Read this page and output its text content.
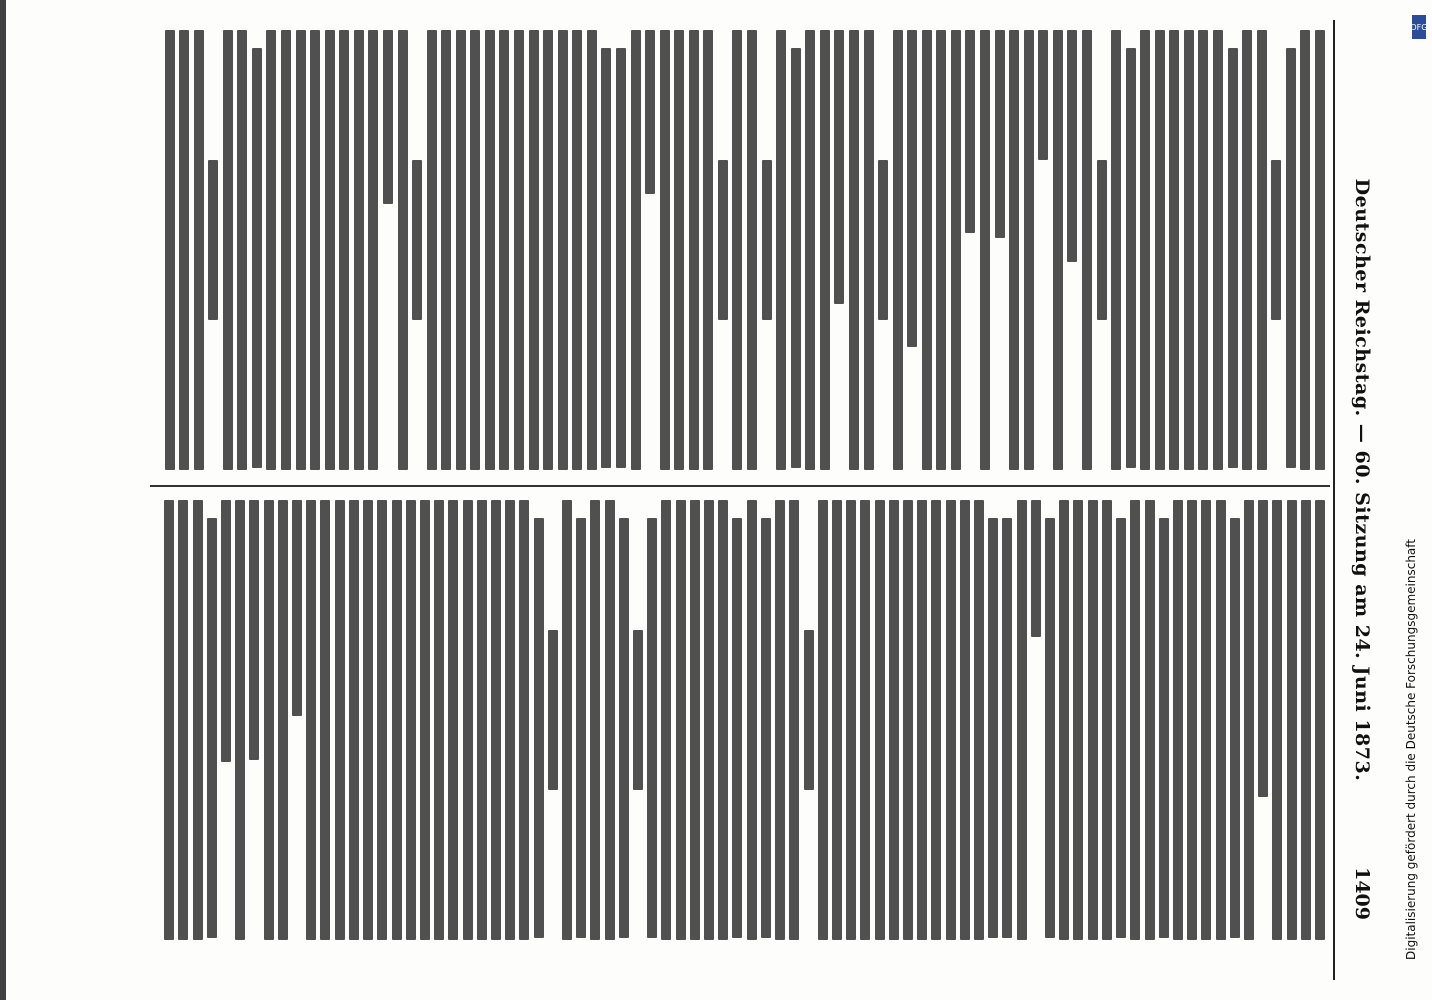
Deutscher Reichstag. — 60. Sitzung am 24. Juni 1873.
1409	Digitalisierung gefördert durch die Deutsche Forschungsgemeinschaft
DFG
